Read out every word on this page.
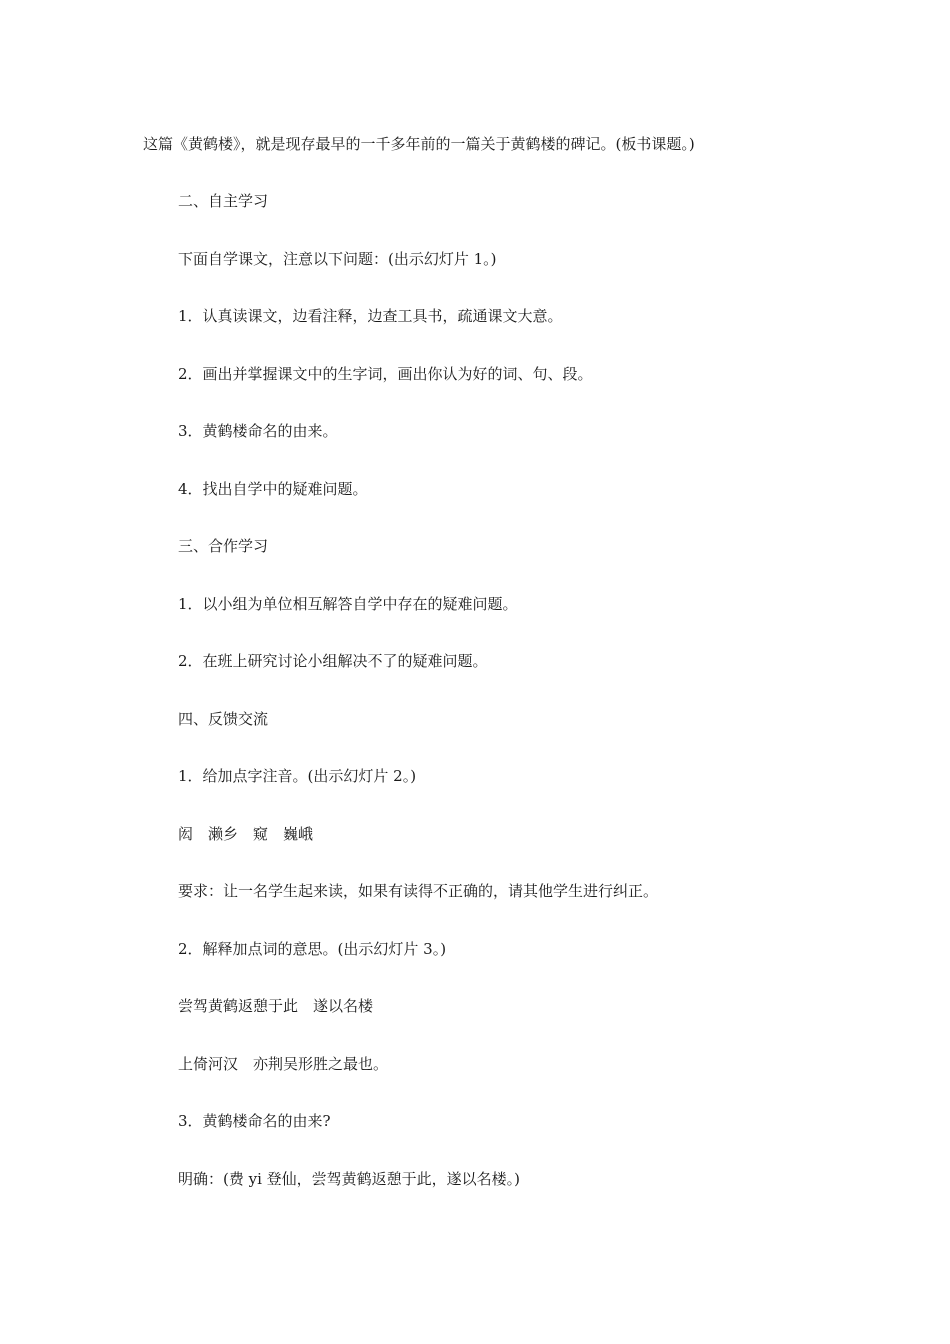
这篇《黄鹤楼》，就是现存最早的一千多年前的一篇关于黄鹤楼的碑记。(板书课题。)
二、自主学习
下面自学课文，注意以下问题：(出示幻灯片 1。)
1．认真读课文，边看注释，边查工具书，疏通课文大意。
2．画出并掌握课文中的生字词，画出你认为好的词、句、段。
3．黄鹤楼命名的由来。
4．找出自学中的疑难问题。
三、合作学习
1．以小组为单位相互解答自学中存在的疑难问题。
2．在班上研究讨论小组解决不了的疑难问题。
四、反馈交流
1．给加点字注音。(出示幻灯片 2。)
闳　濑乡　窥　巍峨
要求：让一名学生起来读，如果有读得不正确的，请其他学生进行纠正。
2．解释加点词的意思。(出示幻灯片 3。)
尝驾黄鹤返憩于此　遂以名楼
上倚河汉　亦荆吴形胜之最也。
3．黄鹤楼命名的由来?
明确：(费 yi 登仙，尝驾黄鹤返憩于此，遂以名楼。)
